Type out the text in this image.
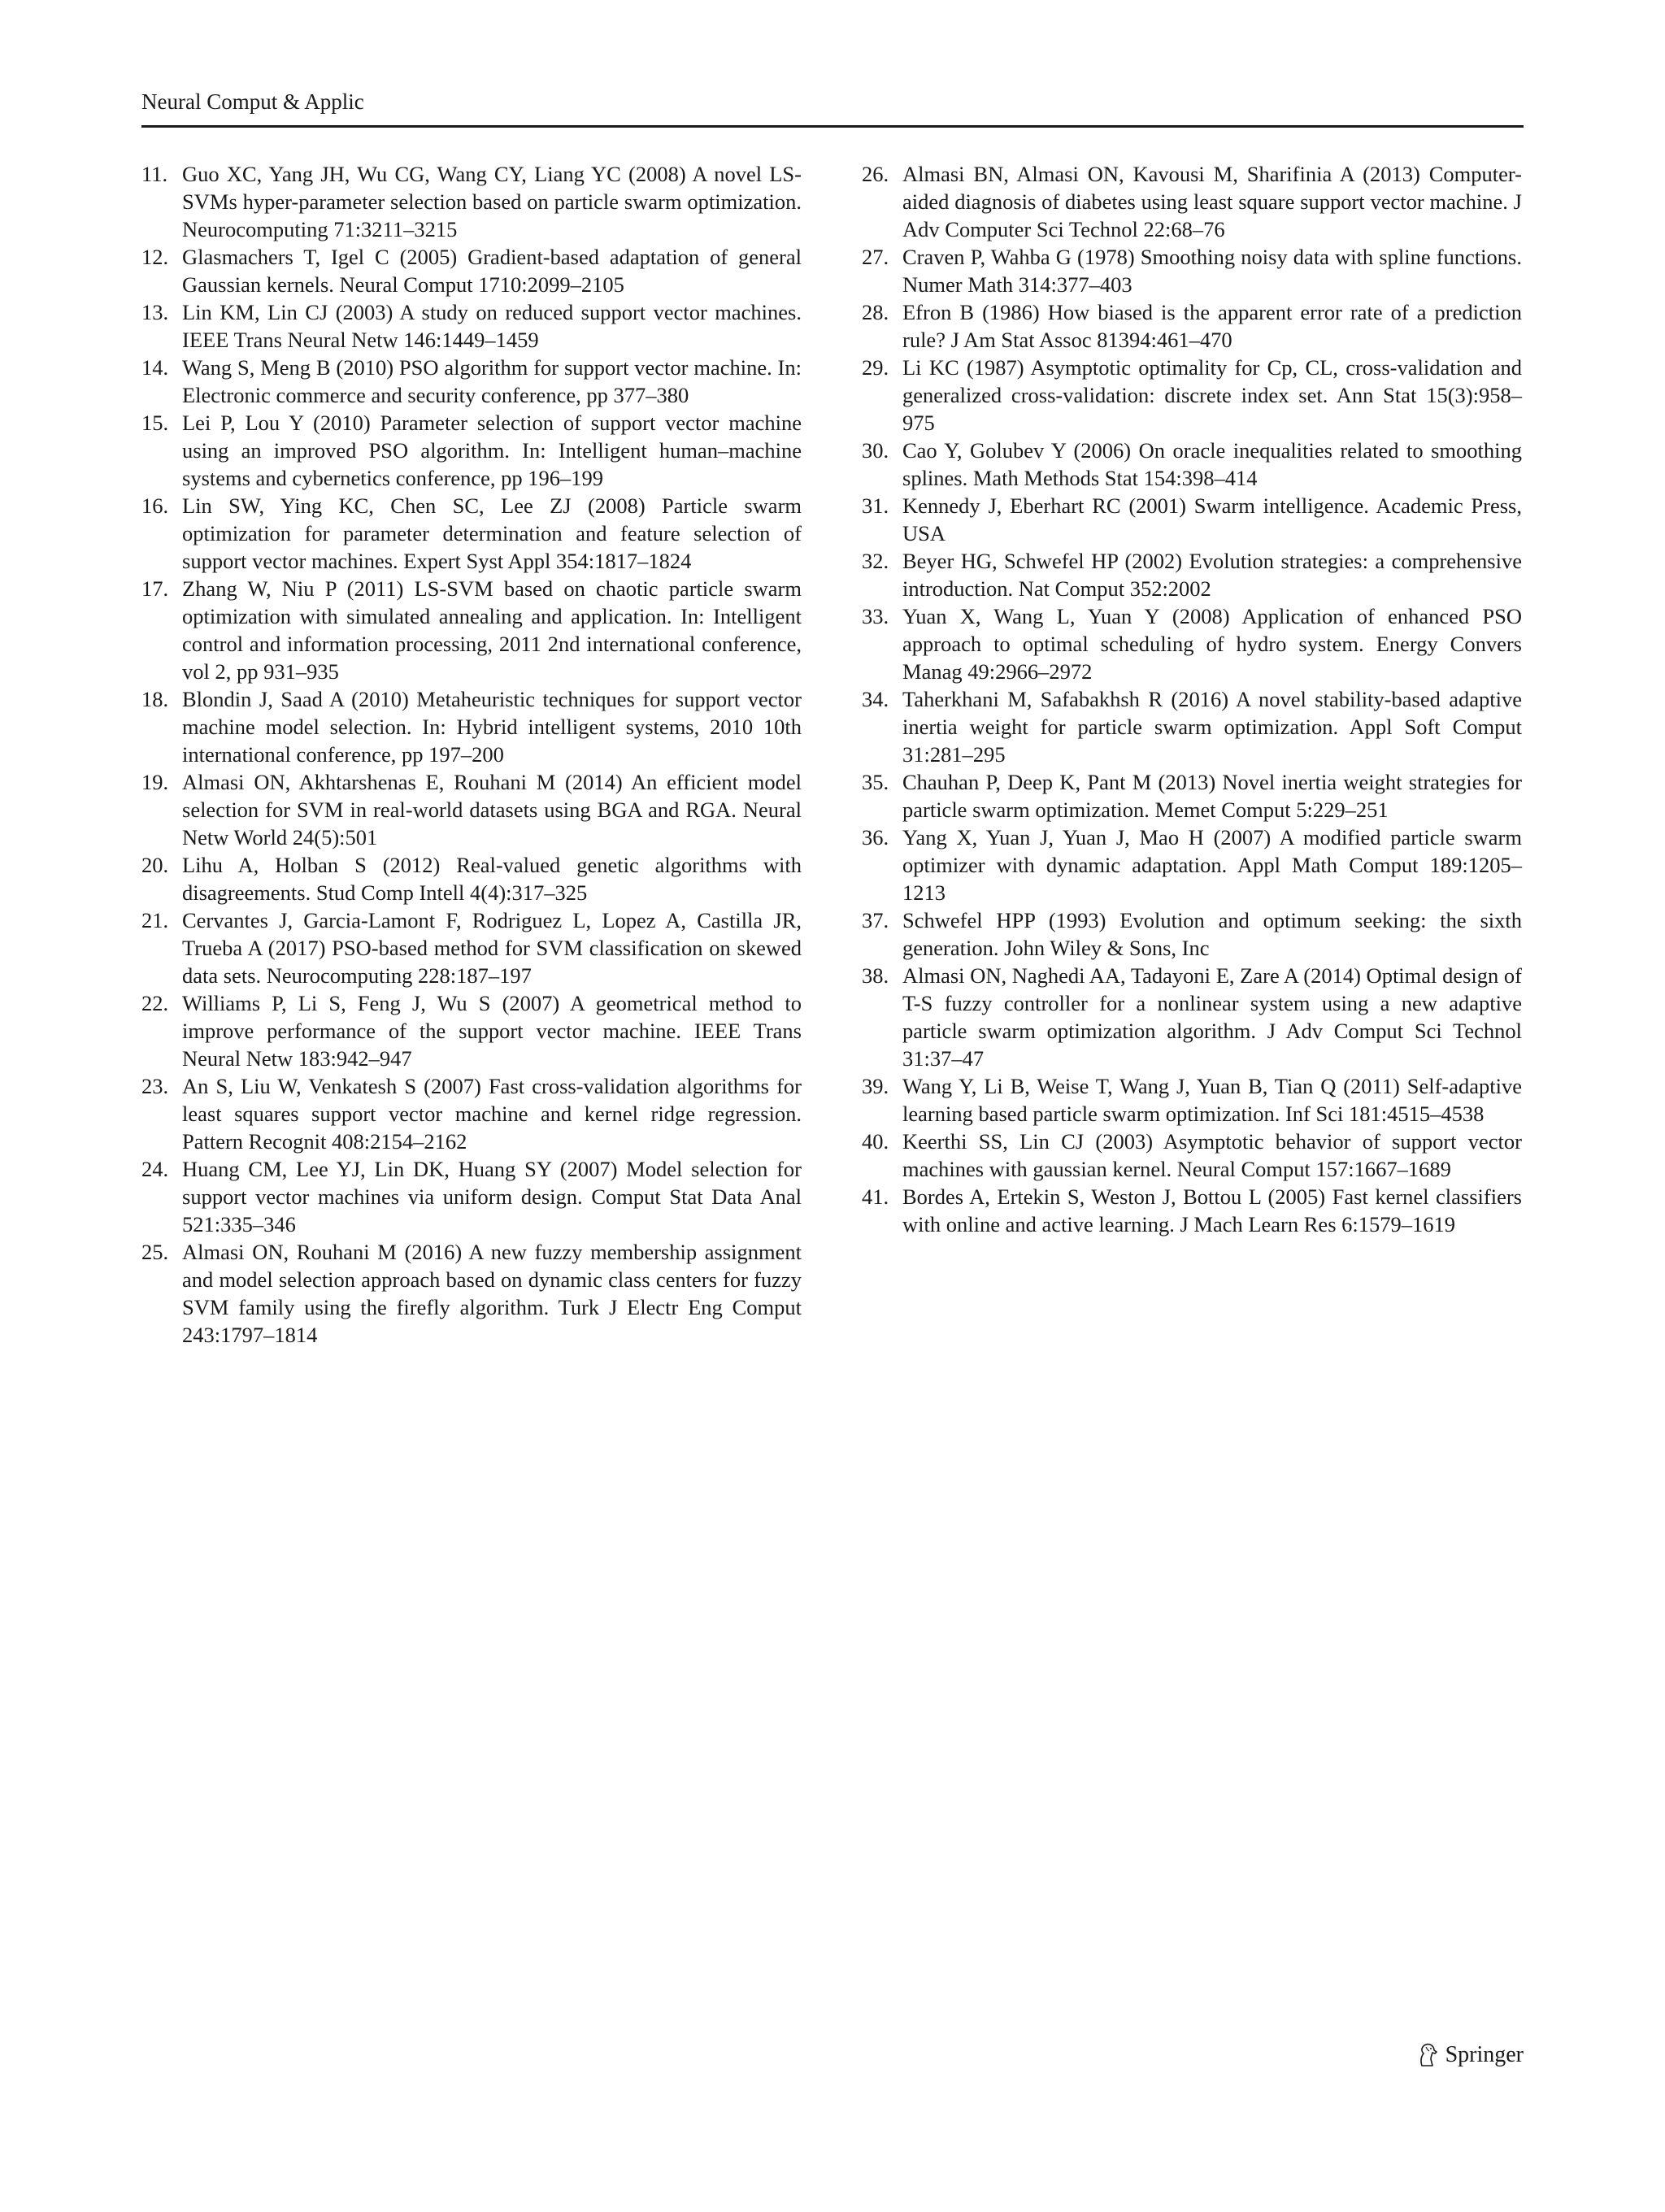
Neural Comput & Applic
11. Guo XC, Yang JH, Wu CG, Wang CY, Liang YC (2008) A novel LS-SVMs hyper-parameter selection based on particle swarm optimization. Neurocomputing 71:3211–3215
12. Glasmachers T, Igel C (2005) Gradient-based adaptation of general Gaussian kernels. Neural Comput 1710:2099–2105
13. Lin KM, Lin CJ (2003) A study on reduced support vector machines. IEEE Trans Neural Netw 146:1449–1459
14. Wang S, Meng B (2010) PSO algorithm for support vector machine. In: Electronic commerce and security conference, pp 377–380
15. Lei P, Lou Y (2010) Parameter selection of support vector machine using an improved PSO algorithm. In: Intelligent human–machine systems and cybernetics conference, pp 196–199
16. Lin SW, Ying KC, Chen SC, Lee ZJ (2008) Particle swarm optimization for parameter determination and feature selection of support vector machines. Expert Syst Appl 354:1817–1824
17. Zhang W, Niu P (2011) LS-SVM based on chaotic particle swarm optimization with simulated annealing and application. In: Intelligent control and information processing, 2011 2nd international conference, vol 2, pp 931–935
18. Blondin J, Saad A (2010) Metaheuristic techniques for support vector machine model selection. In: Hybrid intelligent systems, 2010 10th international conference, pp 197–200
19. Almasi ON, Akhtarshenas E, Rouhani M (2014) An efficient model selection for SVM in real-world datasets using BGA and RGA. Neural Netw World 24(5):501
20. Lihu A, Holban S (2012) Real-valued genetic algorithms with disagreements. Stud Comp Intell 4(4):317–325
21. Cervantes J, Garcia-Lamont F, Rodriguez L, Lopez A, Castilla JR, Trueba A (2017) PSO-based method for SVM classification on skewed data sets. Neurocomputing 228:187–197
22. Williams P, Li S, Feng J, Wu S (2007) A geometrical method to improve performance of the support vector machine. IEEE Trans Neural Netw 183:942–947
23. An S, Liu W, Venkatesh S (2007) Fast cross-validation algorithms for least squares support vector machine and kernel ridge regression. Pattern Recognit 408:2154–2162
24. Huang CM, Lee YJ, Lin DK, Huang SY (2007) Model selection for support vector machines via uniform design. Comput Stat Data Anal 521:335–346
25. Almasi ON, Rouhani M (2016) A new fuzzy membership assignment and model selection approach based on dynamic class centers for fuzzy SVM family using the firefly algorithm. Turk J Electr Eng Comput 243:1797–1814
26. Almasi BN, Almasi ON, Kavousi M, Sharifinia A (2013) Computer-aided diagnosis of diabetes using least square support vector machine. J Adv Computer Sci Technol 22:68–76
27. Craven P, Wahba G (1978) Smoothing noisy data with spline functions. Numer Math 314:377–403
28. Efron B (1986) How biased is the apparent error rate of a prediction rule? J Am Stat Assoc 81394:461–470
29. Li KC (1987) Asymptotic optimality for Cp, CL, cross-validation and generalized cross-validation: discrete index set. Ann Stat 15(3):958–975
30. Cao Y, Golubev Y (2006) On oracle inequalities related to smoothing splines. Math Methods Stat 154:398–414
31. Kennedy J, Eberhart RC (2001) Swarm intelligence. Academic Press, USA
32. Beyer HG, Schwefel HP (2002) Evolution strategies: a comprehensive introduction. Nat Comput 352:2002
33. Yuan X, Wang L, Yuan Y (2008) Application of enhanced PSO approach to optimal scheduling of hydro system. Energy Convers Manag 49:2966–2972
34. Taherkhani M, Safabakhsh R (2016) A novel stability-based adaptive inertia weight for particle swarm optimization. Appl Soft Comput 31:281–295
35. Chauhan P, Deep K, Pant M (2013) Novel inertia weight strategies for particle swarm optimization. Memet Comput 5:229–251
36. Yang X, Yuan J, Yuan J, Mao H (2007) A modified particle swarm optimizer with dynamic adaptation. Appl Math Comput 189:1205–1213
37. Schwefel HPP (1993) Evolution and optimum seeking: the sixth generation. John Wiley & Sons, Inc
38. Almasi ON, Naghedi AA, Tadayoni E, Zare A (2014) Optimal design of T-S fuzzy controller for a nonlinear system using a new adaptive particle swarm optimization algorithm. J Adv Comput Sci Technol 31:37–47
39. Wang Y, Li B, Weise T, Wang J, Yuan B, Tian Q (2011) Self-adaptive learning based particle swarm optimization. Inf Sci 181:4515–4538
40. Keerthi SS, Lin CJ (2003) Asymptotic behavior of support vector machines with gaussian kernel. Neural Comput 157:1667–1689
41. Bordes A, Ertekin S, Weston J, Bottou L (2005) Fast kernel classifiers with online and active learning. J Mach Learn Res 6:1579–1619
Springer
